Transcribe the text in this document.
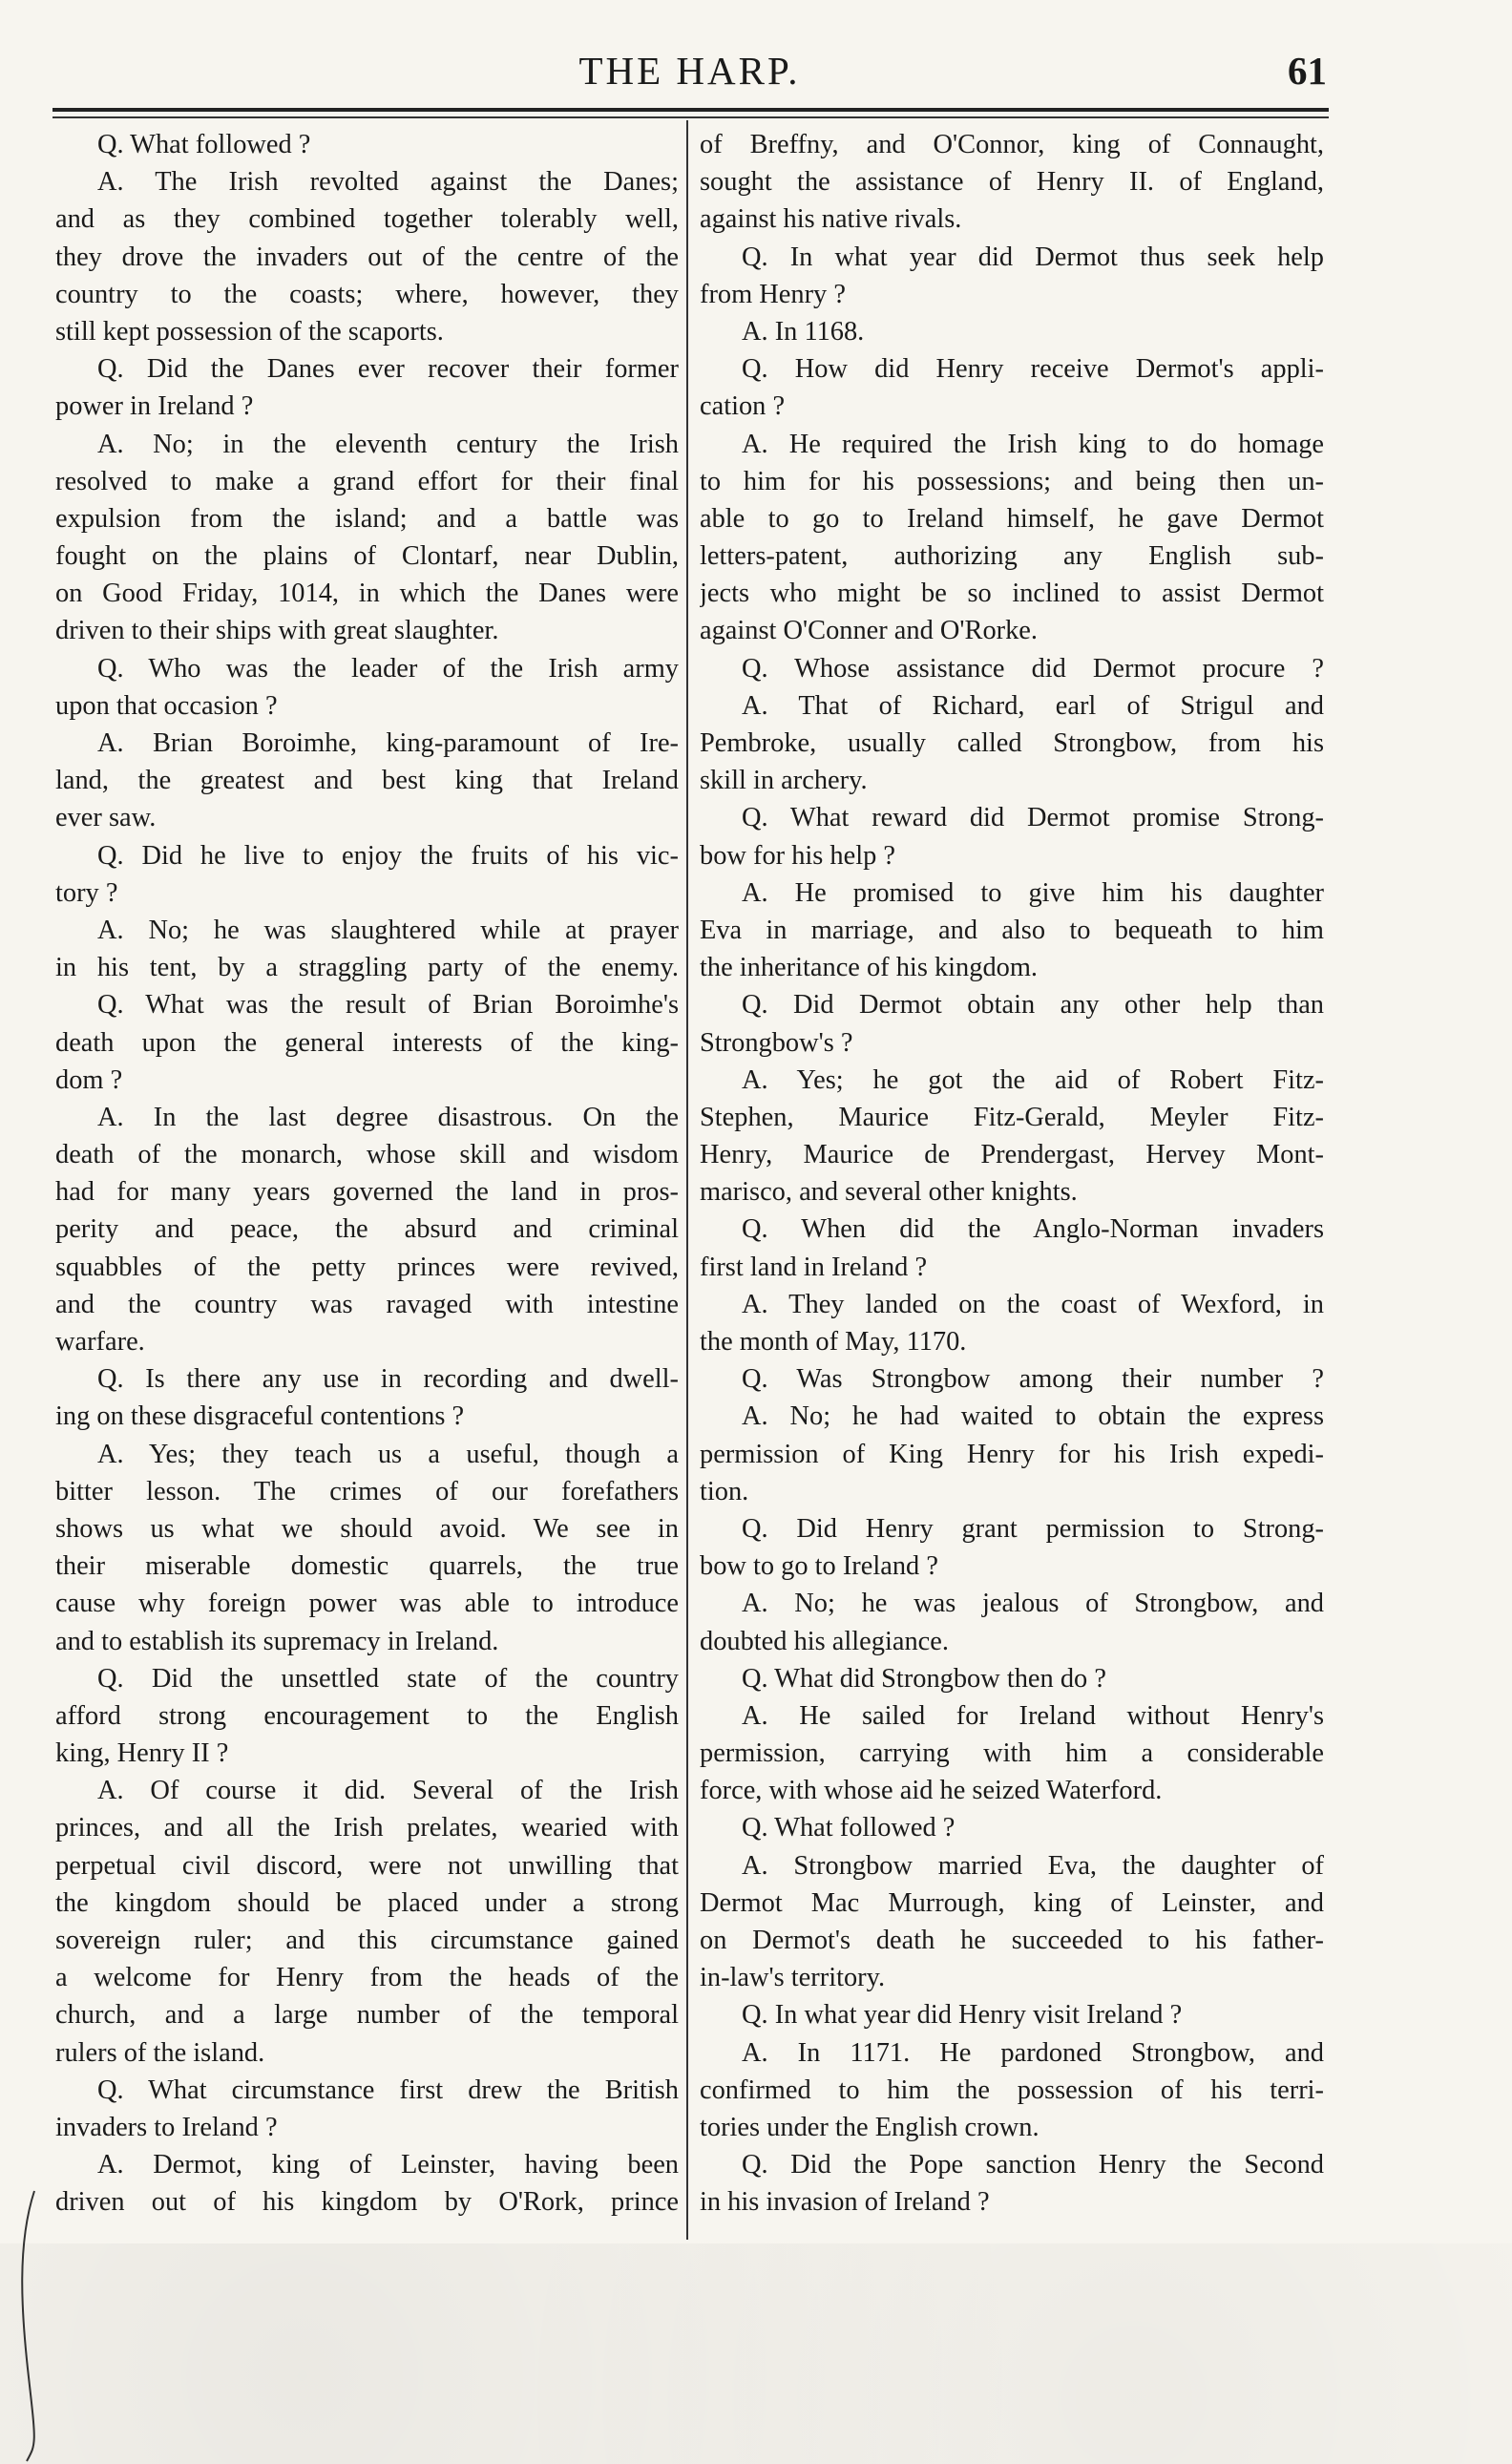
THE HARP.	61
Q. What followed ?
A. The Irish revolted against the Danes;
and as they combined together tolerably well,
they drove the invaders out of the centre of the
country to the coasts; where, however, they
still kept possession of the scaports.
Q. Did the Danes ever recover their former
power in Ireland ?
A. No; in the eleventh century the Irish
resolved to make a grand effort for their final
expulsion from the island; and a battle was
fought on the plains of Clontarf, near Dublin,
on Good Friday, 1014, in which the Danes were
driven to their ships with great slaughter.
Q. Who was the leader of the Irish army
upon that occasion ?
A. Brian Boroimhe, king-paramount of Ire-
land, the greatest and best king that Ireland
ever saw.
Q. Did he live to enjoy the fruits of his vic-
tory ?
A. No; he was slaughtered while at prayer
in his tent, by a straggling party of the enemy.
Q. What was the result of Brian Boroimhe's
death upon the general interests of the king-
dom ?
A. In the last degree disastrous. On the
death of the monarch, whose skill and wisdom
had for many years governed the land in pros-
perity and peace, the absurd and criminal
squabbles of the petty princes were revived,
and the country was ravaged with intestine
warfare.
Q. Is there any use in recording and dwell-
ing on these disgraceful contentions ?
A. Yes; they teach us a useful, though a
bitter lesson. The crimes of our forefathers
shows us what we should avoid. We see in
their miserable domestic quarrels, the true
cause why foreign power was able to introduce
and to establish its supremacy in Ireland.
Q. Did the unsettled state of the country
afford strong encouragement to the English
king, Henry II ?
A. Of course it did. Several of the Irish
princes, and all the Irish prelates, wearied with
perpetual civil discord, were not unwilling that
the kingdom should be placed under a strong
sovereign ruler; and this circumstance gained
a welcome for Henry from the heads of the
church, and a large number of the temporal
rulers of the island.
Q. What circumstance first drew the British
invaders to Ireland ?
A. Dermot, king of Leinster, having been
driven out of his kingdom by O'Rork, prince
of Breffny, and O'Connor, king of Connaught,
sought the assistance of Henry II. of England,
against his native rivals.
Q. In what year did Dermot thus seek help
from Henry ?
A. In 1168.
Q. How did Henry receive Dermot's appli-
cation ?
A. He required the Irish king to do homage
to him for his possessions; and being then un-
able to go to Ireland himself, he gave Dermot
letters-patent, authorizing any English sub-
jects who might be so inclined to assist Dermot
against O'Conner and O'Rorke.
Q. Whose assistance did Dermot procure ?
A. That of Richard, earl of Strigul and
Pembroke, usually called Strongbow, from his
skill in archery.
Q. What reward did Dermot promise Strong-
bow for his help ?
A. He promised to give him his daughter
Eva in marriage, and also to bequeath to him
the inheritance of his kingdom.
Q. Did Dermot obtain any other help than
Strongbow's ?
A. Yes; he got the aid of Robert Fitz-
Stephen, Maurice Fitz-Gerald, Meyler Fitz-
Henry, Maurice de Prendergast, Hervey Mont-
marisco, and several other knights.
Q. When did the Anglo-Norman invaders
first land in Ireland ?
A. They landed on the coast of Wexford, in
the month of May, 1170.
Q. Was Strongbow among their number ?
A. No; he had waited to obtain the express
permission of King Henry for his Irish expedi-
tion.
Q. Did Henry grant permission to Strong-
bow to go to Ireland ?
A. No; he was jealous of Strongbow, and
doubted his allegiance.
Q. What did Strongbow then do ?
A. He sailed for Ireland without Henry's
permission, carrying with him a considerable
force, with whose aid he seized Waterford.
Q. What followed ?
A. Strongbow married Eva, the daughter of
Dermot Mac Murrough, king of Leinster, and
on Dermot's death he succeeded to his father-
in-law's territory.
Q. In what year did Henry visit Ireland ?
A. In 1171. He pardoned Strongbow, and
confirmed to him the possession of his terri-
tories under the English crown.
Q. Did the Pope sanction Henry the Second
in his invasion of Ireland ?
